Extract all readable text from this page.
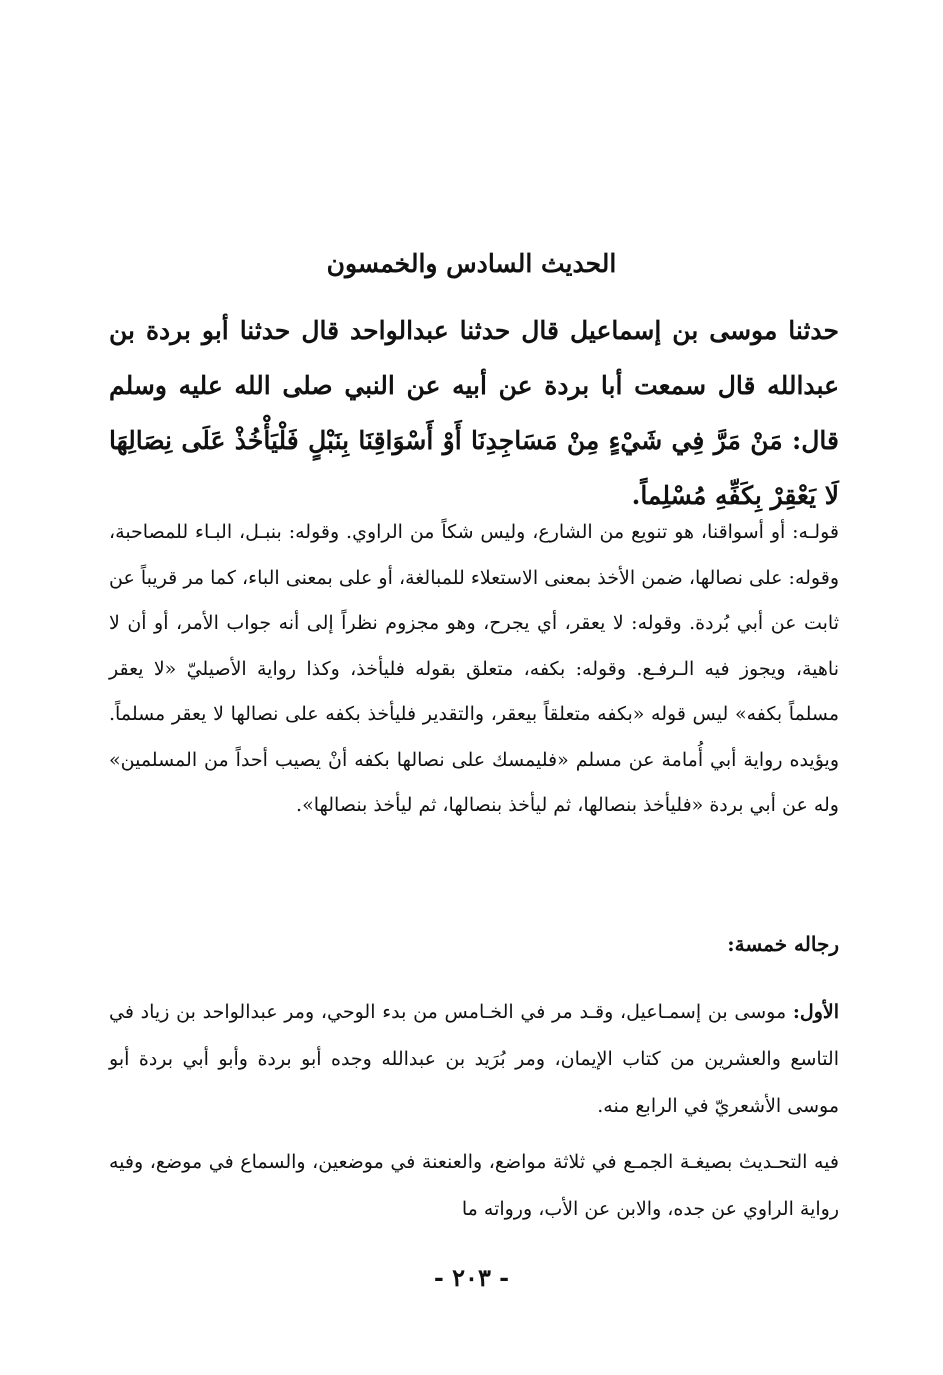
الحديث السادس والخمسون

حدثنا موسى بن إسماعيل قال حدثنا عبدالواحد قال حدثنا أبو بردة بن عبدالله قال سمعت أبا بردة عن أبيه عن النبي صلى الله عليه وسلم قال: مَنْ مَرَّ فِي شَيْءٍ مِنْ مَسَاجِدِنَا أَوْ أَسْوَاقِنَا بِنَبْلٍ فَلْيَأْخُذْ عَلَى نِصَالِهَا لَا يَعْقِرْ بِكَفِّهِ مُسْلِماً.

قولـه: أو أسواقنا، هو تنويع من الشارع، وليس شكاً من الراوي. وقوله: بنبـل، البـاء للمصاحبة، وقوله: على نصالها، ضمن الأخذ بمعنى الاستعلاء للمبالغة، أو على بمعنى الباء، كما مر قريباً عن ثابت عن أبي بُردة. وقوله: لا يعقر، أي يجرح، وهو مجزوم نظراً إلى أنه جواب الأمر، أو أن لا ناهية، ويجوز فيه الـرفـع. وقوله: بكفه، متعلق بقوله فليأخذ، وكذا رواية الأصيليّ «لا يعقر مسلماً بكفه» ليس قوله «بكفه متعلقاً بيعقر، والتقدير فليأخذ بكفه على نصالها لا يعقر مسلماً. ويؤيده رواية أبي أُمامة عن مسلم «فليمسك على نصالها بكفه أنْ يصيب أحداً من المسلمين» وله عن أبي بردة «فليأخذ بنصالها، ثم ليأخذ بنصالها، ثم ليأخذ بنصالها».

رجاله خمسة:

الأول: موسى بن إسمـاعيل، وقـد مر في الخـامس من بدء الوحي، ومر عبدالواحد بن زياد في التاسع والعشرين من كتاب الإيمان، ومر بُرَيد بن عبدالله وجده أبو بردة وأبو أبي بردة أبو موسى الأشعريّ في الرابع منه.

فيه التحـديث بصيغـة الجمـع في ثلاثة مواضع، والعنعنة في موضعين، والسماع في موضع، وفيه رواية الراوي عن جده، والابن عن الأب، ورواته ما

- ٢٠٣ -
